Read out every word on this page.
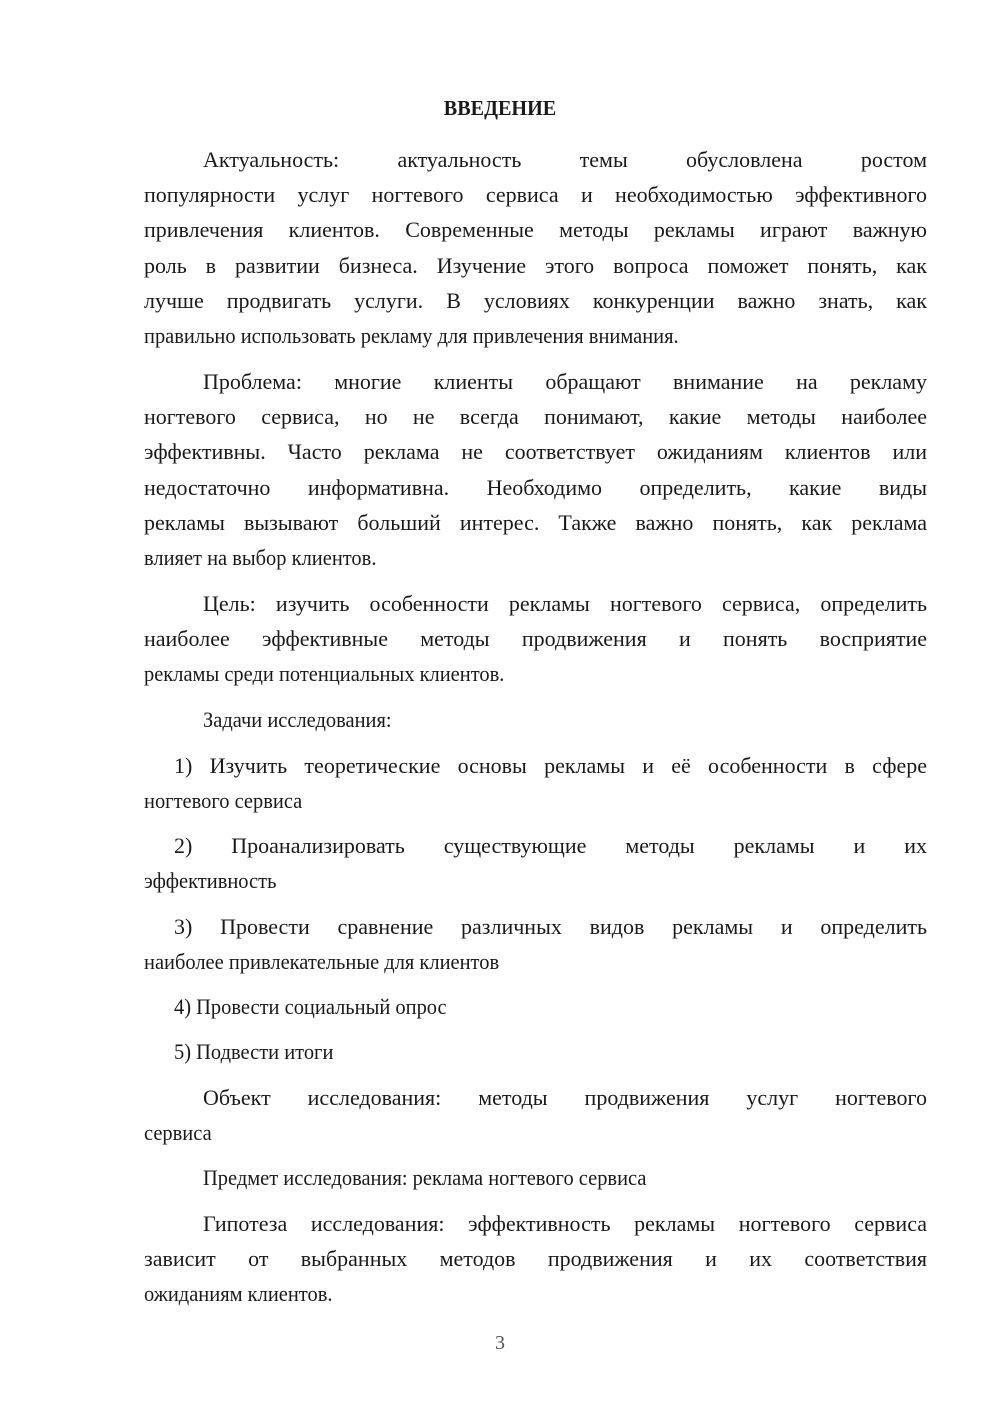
ВВЕДЕНИЕ
Актуальность: актуальность темы обусловлена ростом
популярности услуг ногтевого сервиса и необходимостью эффективного
привлечения клиентов. Современные методы рекламы играют важную
роль в развитии бизнеса. Изучение этого вопроса поможет понять, как
лучше продвигать услуги. В условиях конкуренции важно знать, как
правильно использовать рекламу для привлечения внимания.
Проблема: многие клиенты обращают внимание на рекламу
ногтевого сервиса, но не всегда понимают, какие методы наиболее
эффективны. Часто реклама не соответствует ожиданиям клиентов или
недостаточно информативна. Необходимо определить, какие виды
рекламы вызывают больший интерес. Также важно понять, как реклама
влияет на выбор клиентов.
Цель: изучить особенности рекламы ногтевого сервиса, определить
наиболее эффективные методы продвижения и понять восприятие
рекламы среди потенциальных клиентов.
Задачи исследования:
1) Изучить теоретические основы рекламы и её особенности в сфере
ногтевого сервиса
2) Проанализировать существующие методы рекламы и их
эффективность
3) Провести сравнение различных видов рекламы и определить
наиболее привлекательные для клиентов
4) Провести социальный опрос
5) Подвести итоги
Объект исследования: методы продвижения услуг ногтевого
сервиса
Предмет исследования: реклама ногтевого сервиса
Гипотеза исследования: эффективность рекламы ногтевого сервиса
зависит от выбранных методов продвижения и их соответствия
ожиданиям клиентов.
3
